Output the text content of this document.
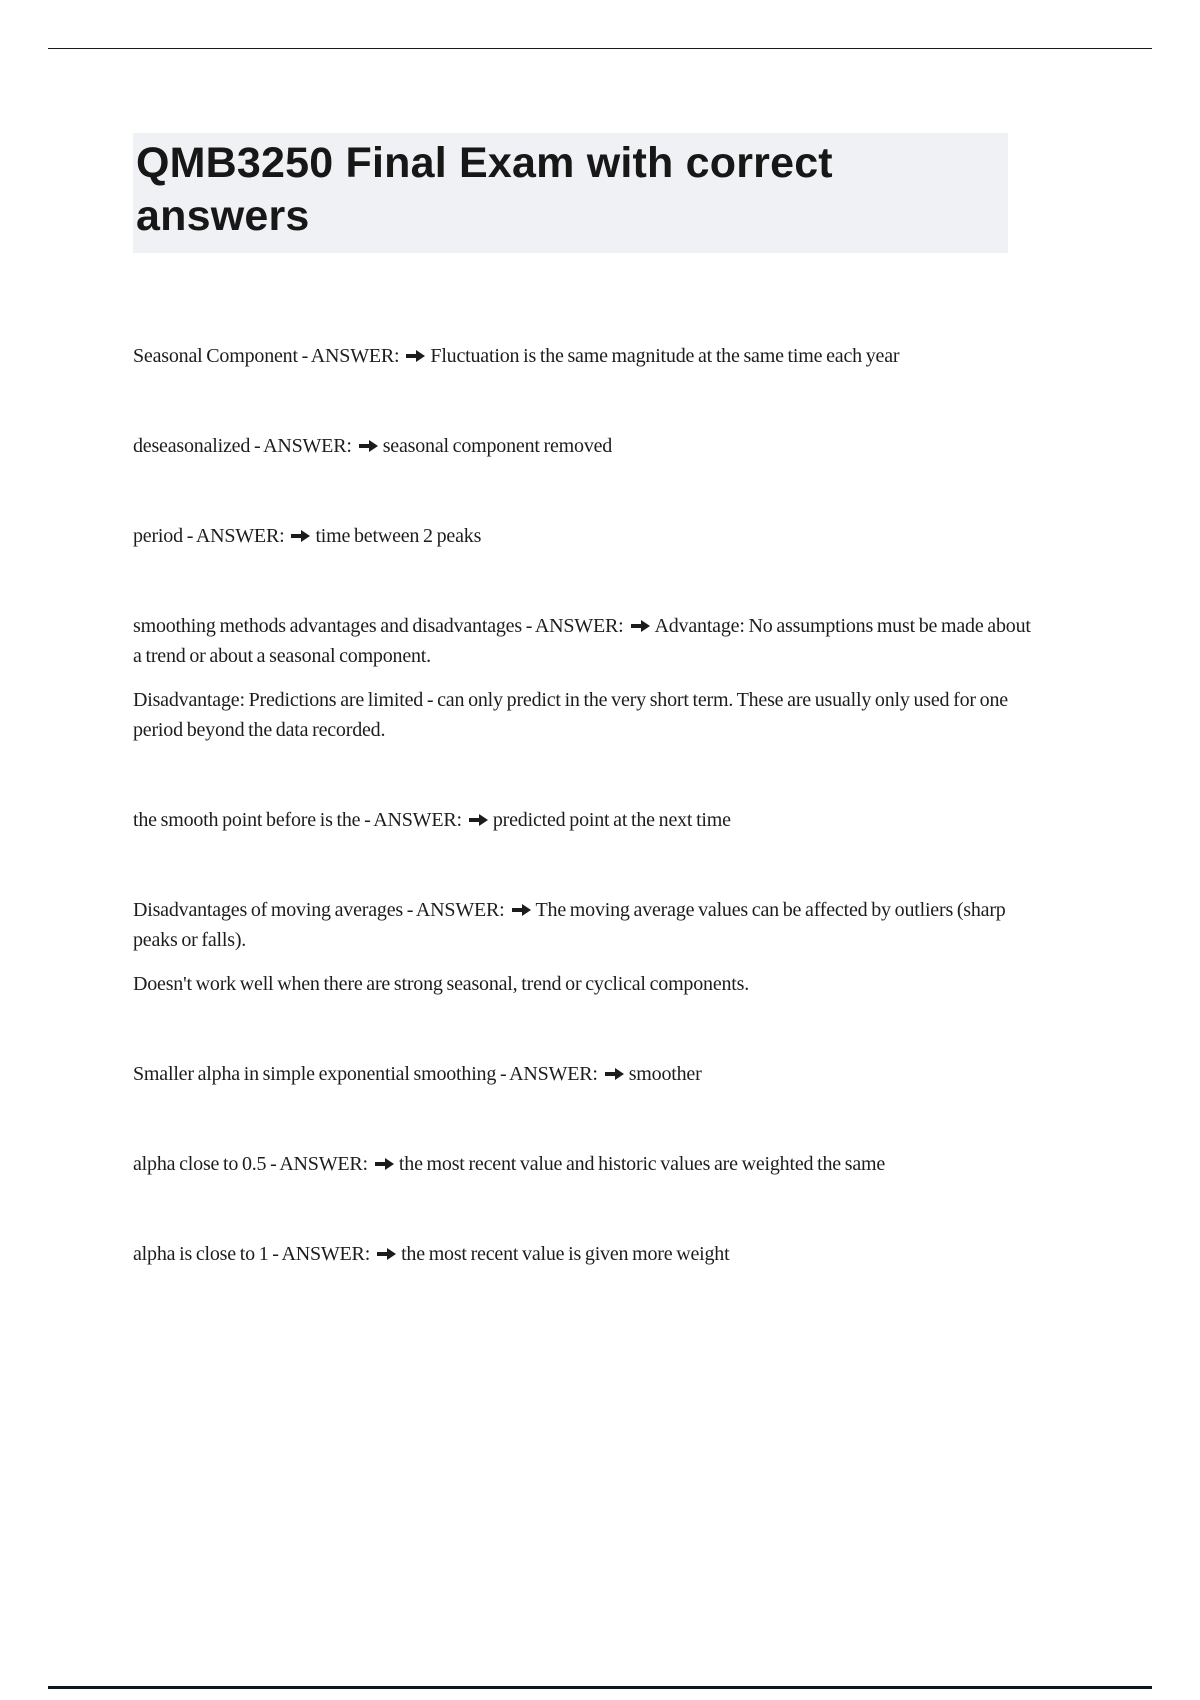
QMB3250 Final Exam with correct answers

Seasonal Component - ANSWER: Fluctuation is the same magnitude at the same time each year

deseasonalized - ANSWER: seasonal component removed

period - ANSWER: time between 2 peaks

smoothing methods advantages and disadvantages - ANSWER: Advantage: No assumptions must be made about a trend or about a seasonal component.

Disadvantage: Predictions are limited - can only predict in the very short term. These are usually only used for one period beyond the data recorded.

the smooth point before is the - ANSWER: predicted point at the next time

Disadvantages of moving averages - ANSWER: The moving average values can be affected by outliers (sharp peaks or falls).

Doesn't work well when there are strong seasonal, trend or cyclical components.

Smaller alpha in simple exponential smoothing - ANSWER: smoother

alpha close to 0.5 - ANSWER: the most recent value and historic values are weighted the same

alpha is close to 1 - ANSWER: the most recent value is given more weight
